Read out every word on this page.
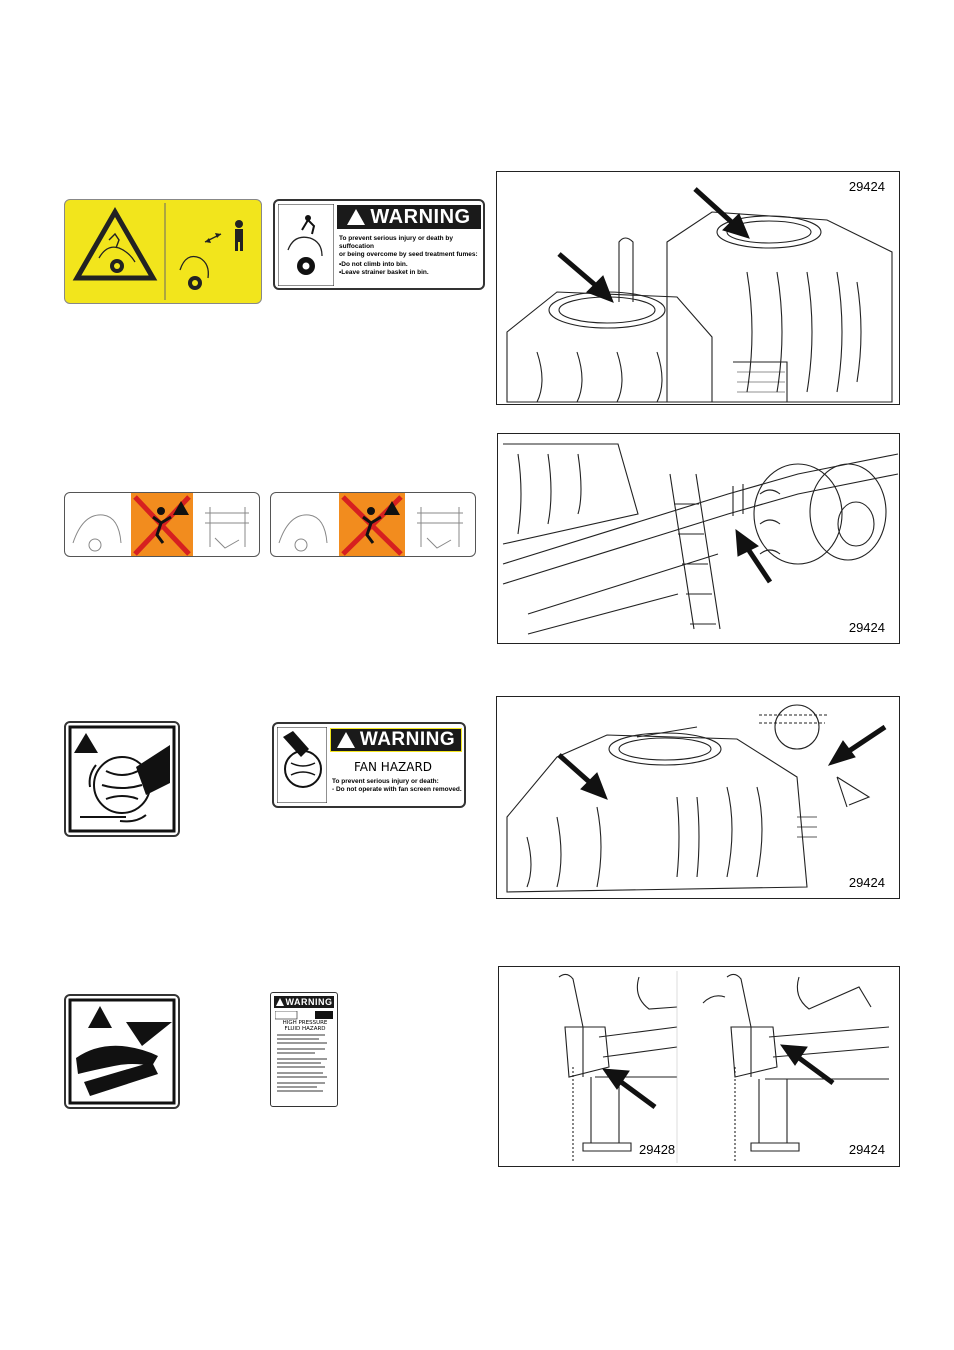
WARNING
To prevent serious injury or death by suffocation
or being overcome by seed treatment fumes:
•Do not climb into bin.
•Leave strainer basket in bin.
29424
29424
WARNING
FAN HAZARD
To prevent serious injury or death:
- Do not operate with fan screen removed.
29424
WARNING
HIGH PRESSURE
FLUID HAZARD
29428	29424
